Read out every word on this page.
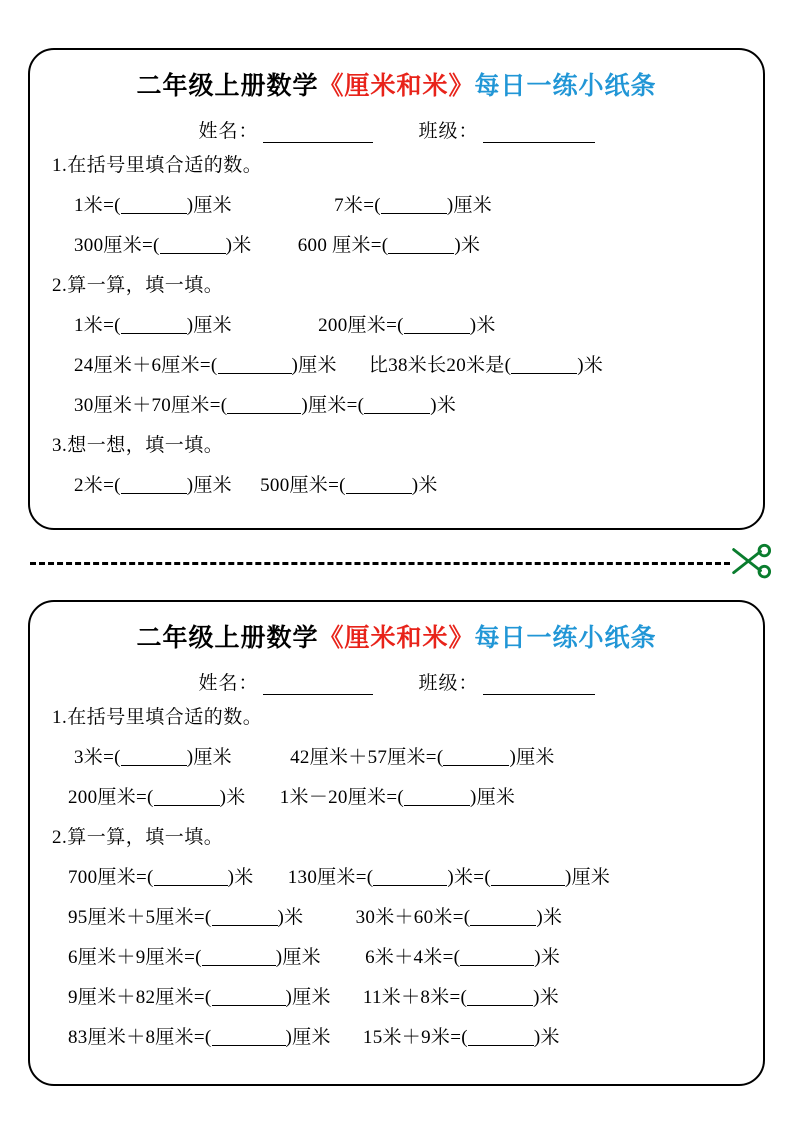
二年级上册数学 《厘米和米》 每日一练小纸条
姓名：	班级：
1.在括号里填合适的数。
1米=(	)厘米	7米=(	)厘米
300厘米=(	)米 600 厘米=(	)米
2.算一算，填一填。
1米=(	)厘米	200厘米=(	)米
24厘米＋6厘米=(	)厘米 比38米长20米是(	)米
30厘米＋70厘米=(	)厘米=(	)米
3.想一想，填一填。
2米=(	)厘米 500厘米=(	)米
二年级上册数学 《厘米和米》 每日一练小纸条
姓名：	班级：
1.在括号里填合适的数。
3米=(	)厘米	42厘米＋57厘米=(	)厘米
200厘米=(	)米 1米－20厘米=(	)厘米
2.算一算，填一填。
700厘米=(	)米 130厘米=(	)米=(	)厘米
95厘米＋5厘米=(	)米	30米＋60米=(	)米
6厘米＋9厘米=(	)厘米 6米＋4米=(	)米
9厘米＋82厘米=(	)厘米 11米＋8米=(	)米
83厘米＋8厘米=(	)厘米 15米＋9米=(	)米
